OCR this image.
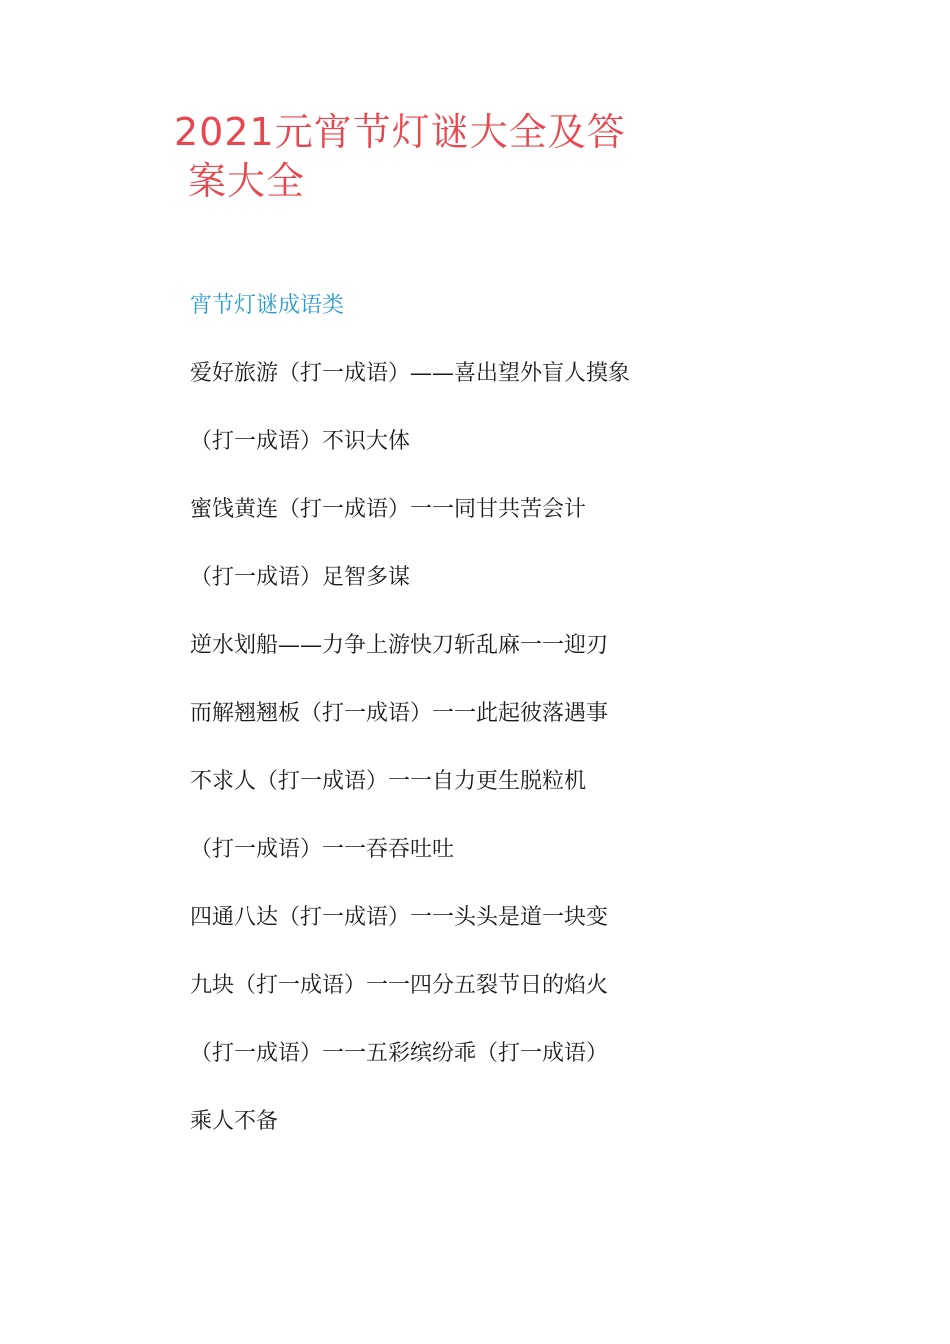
2021元宵节灯谜大全及答
案大全
宵节灯谜成语类
爱好旅游（打一成语）——喜出望外盲人摸象
（打一成语）不识大体
蜜饯黄连（打一成语）一一同甘共苦会计
（打一成语）足智多谋
逆水划船——力争上游快刀斩乱麻一一迎刃
而解翘翘板（打一成语）一一此起彼落遇事
不求人（打一成语）一一自力更生脱粒机
（打一成语）一一吞吞吐吐
四通八达（打一成语）一一头头是道一块变
九块（打一成语）一一四分五裂节日的焰火
（打一成语）一一五彩缤纷乖（打一成语）
乘人不备
